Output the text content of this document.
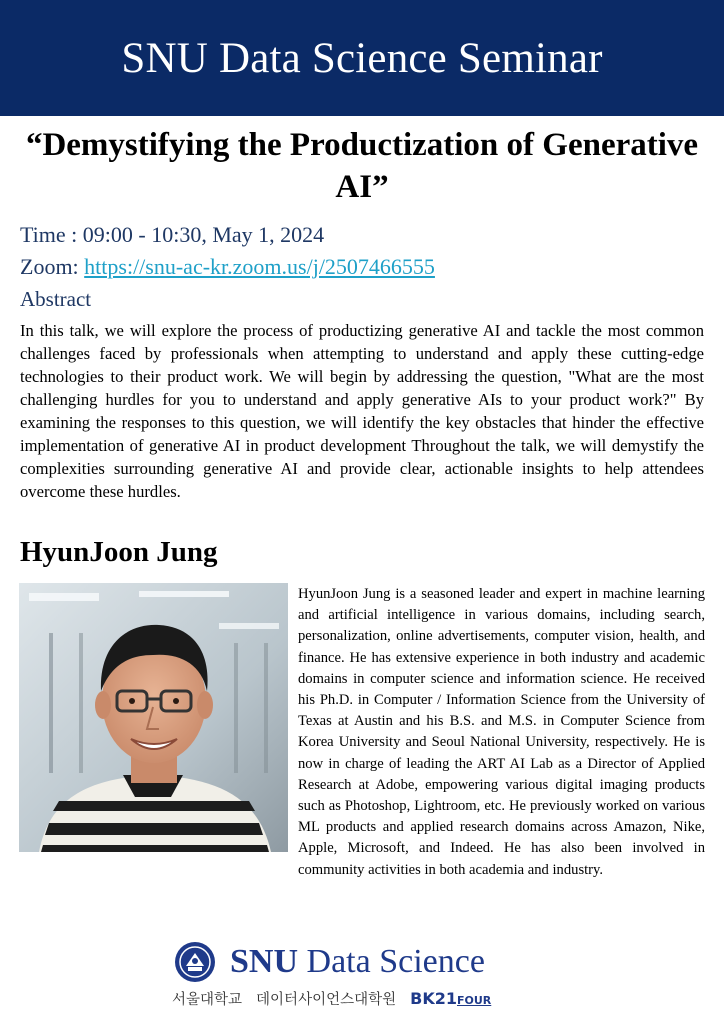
SNU Data Science Seminar
“Demystifying the Productization of Generative AI”
Time : 09:00 - 10:30, May 1, 2024
Zoom: https://snu-ac-kr.zoom.us/j/2507466555
Abstract
In this talk, we will explore the process of productizing generative AI and tackle the most common challenges faced by professionals when attempting to understand and apply these cutting-edge technologies to their product work. We will begin by addressing the question, "What are the most challenging hurdles for you to understand and apply generative AIs to your product work?" By examining the responses to this question, we will identify the key obstacles that hinder the effective implementation of generative AI in product development Throughout the talk, we will demystify the complexities surrounding generative AI and provide clear, actionable insights to help attendees overcome these hurdles.
HyunJoon Jung
HyunJoon Jung is a seasoned leader and expert in machine learning and artificial intelligence in various domains, including search, personalization, online advertisements, computer vision, health, and finance. He has extensive experience in both industry and academic domains in computer science and information science. He received his Ph.D. in Computer / Information Science from the University of Texas at Austin and his B.S. and M.S. in Computer Science from Korea University and Seoul National University, respectively. He is now in charge of leading the ART AI Lab as a Director of Applied Research at Adobe, empowering various digital imaging products such as Photoshop, Lightroom, etc. He previously worked on various ML products and applied research domains across Amazon, Nike, Apple, Microsoft, and Indeed. He has also been involved in community activities in both academia and industry.
SNU Data Science
서울대학교 데이터사이언스대학원 BK21FOUR
